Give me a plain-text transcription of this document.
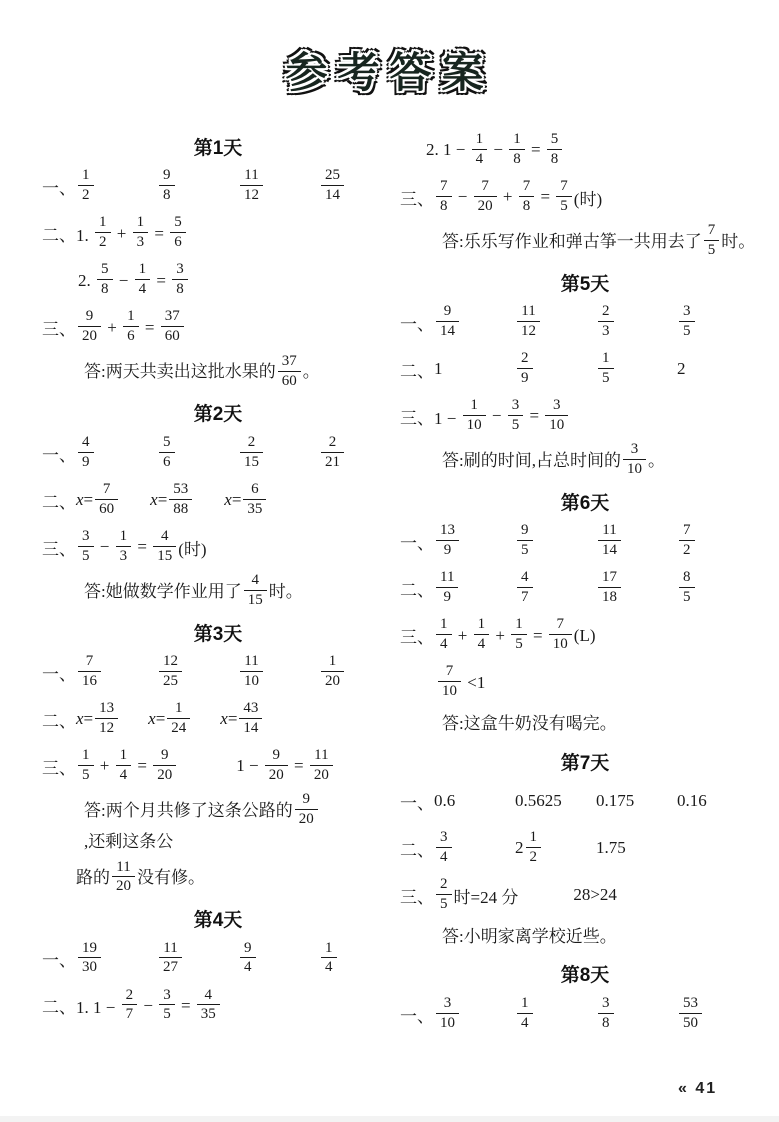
参考答案
第1天
一、 $\frac{1}{2}$	$\frac{9}{8}$	$\frac{11}{12}$	$\frac{25}{14}$
二、1. $\frac{1}{2} + \frac{1}{3} = \frac{5}{6}$
2. $\frac{5}{8} - \frac{1}{4} = \frac{3}{8}$
三、 $\frac{9}{20} + \frac{1}{6} = \frac{37}{60}$
答:两天共卖出这批水果的 $\frac{37}{60}$ 。
第2天
一、 $\frac{4}{9}$	$\frac{5}{6}$	$\frac{2}{15}$	$\frac{2}{21}$
二、 $x = \frac{7}{60}$ $x = \frac{53}{88}$ $x = \frac{6}{35}$
三、 $\frac{3}{5} - \frac{1}{3} = \frac{4}{15}$ (时)
答:她做数学作业用了 $\frac{4}{15}$ 时。
第3天
一、 $\frac{7}{16}$	$\frac{12}{25}$	$\frac{11}{10}$	$\frac{1}{20}$
二、 $x = \frac{13}{12}$ $x = \frac{1}{24}$ $x = \frac{43}{14}$
三、 $\frac{1}{5} + \frac{1}{4} = \frac{9}{20}$	$1 - \frac{9}{20} = \frac{11}{20}$
答:两个月共修了这条公路的 $\frac{9}{20}$
,还剩这条公
路的 $\frac{11}{20}$ 没有修。
第4天
一、 $\frac{19}{30}$	$\frac{11}{27}$	$\frac{9}{4}$	$\frac{1}{4}$
二、1. $1 - \frac{2}{7} - \frac{3}{5} = \frac{4}{35}$
2. $1 - \frac{1}{4} - \frac{1}{8} = \frac{5}{8}$
三、 $\frac{7}{8} - \frac{7}{20} + \frac{7}{8} = \frac{7}{5}$ (时)
答:乐乐写作业和弹古筝一共用去了 $\frac{7}{5}$ 时。
第5天
一、 $\frac{9}{14}$	$\frac{11}{12}$	$\frac{2}{3}$	$\frac{3}{5}$
二、 1	$\frac{2}{9}$	$\frac{1}{5}$	2
三、$1 - \frac{1}{10} - \frac{3}{5} = \frac{3}{10}$
答:刷的时间,占总时间的 $\frac{3}{10}$ 。
第6天
一、 $\frac{13}{9}$	$\frac{9}{5}$	$\frac{11}{14}$	$\frac{7}{2}$
二、 $\frac{11}{9}$	$\frac{4}{7}$	$\frac{17}{18}$	$\frac{8}{5}$
三、 $\frac{1}{4} + \frac{1}{4} + \frac{1}{5} = \frac{7}{10} (L)$
$\frac{7}{10} <1$
答:这盒牛奶没有喝完。
第7天
一、 0.6	0.5625	0.175	0.16
二、 $\frac{3}{4}$	$2 \frac{1}{2}$	1.75
三、 $\frac{2}{5}$ 时=24 分	28>24
答:小明家离学校近些。
第8天
一、 $\frac{3}{10}$	$\frac{1}{4}$	$\frac{3}{8}$	$\frac{53}{50}$
« 41
